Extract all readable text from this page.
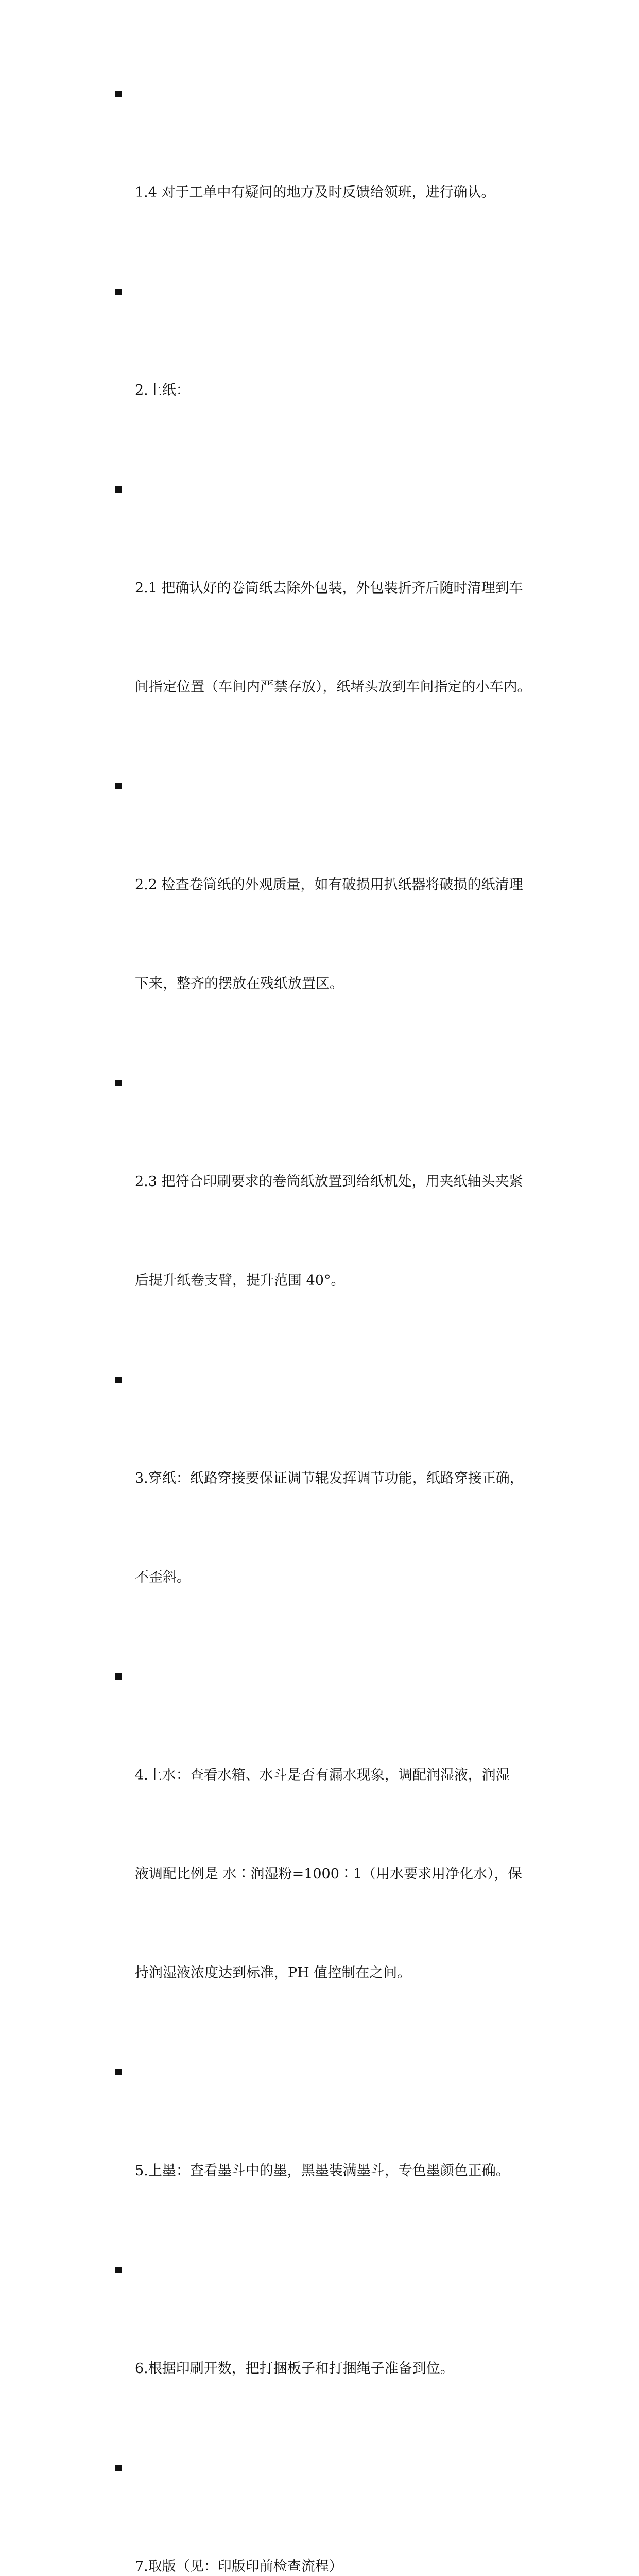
1.4 对于工单中有疑问的地方及时反馈给领班，进行确认。

2.上纸：

2.1 把确认好的卷筒纸去除外包装，外包装折齐后随时清理到车

间指定位置（车间内严禁存放），纸堵头放到车间指定的小车内。

2.2 检查卷筒纸的外观质量，如有破损用扒纸器将破损的纸清理

下来，整齐的摆放在残纸放置区。

2.3 把符合印刷要求的卷筒纸放置到给纸机处，用夹纸轴头夹紧

后提升纸卷支臂，提升范围 40°。

3.穿纸：纸路穿接要保证调节辊发挥调节功能，纸路穿接正确，

不歪斜。

4.上水：查看水箱、水斗是否有漏水现象，调配润湿液，润湿

液调配比例是 水∶润湿粉=1000∶1（用水要求用净化水），保

持润湿液浓度达到标准，PH 值控制在之间。

5.上墨：查看墨斗中的墨，黑墨装满墨斗，专色墨颜色正确。

6.根据印刷开数，把打捆板子和打捆绳子准备到位。

7.取版（见：印版印前检查流程）
